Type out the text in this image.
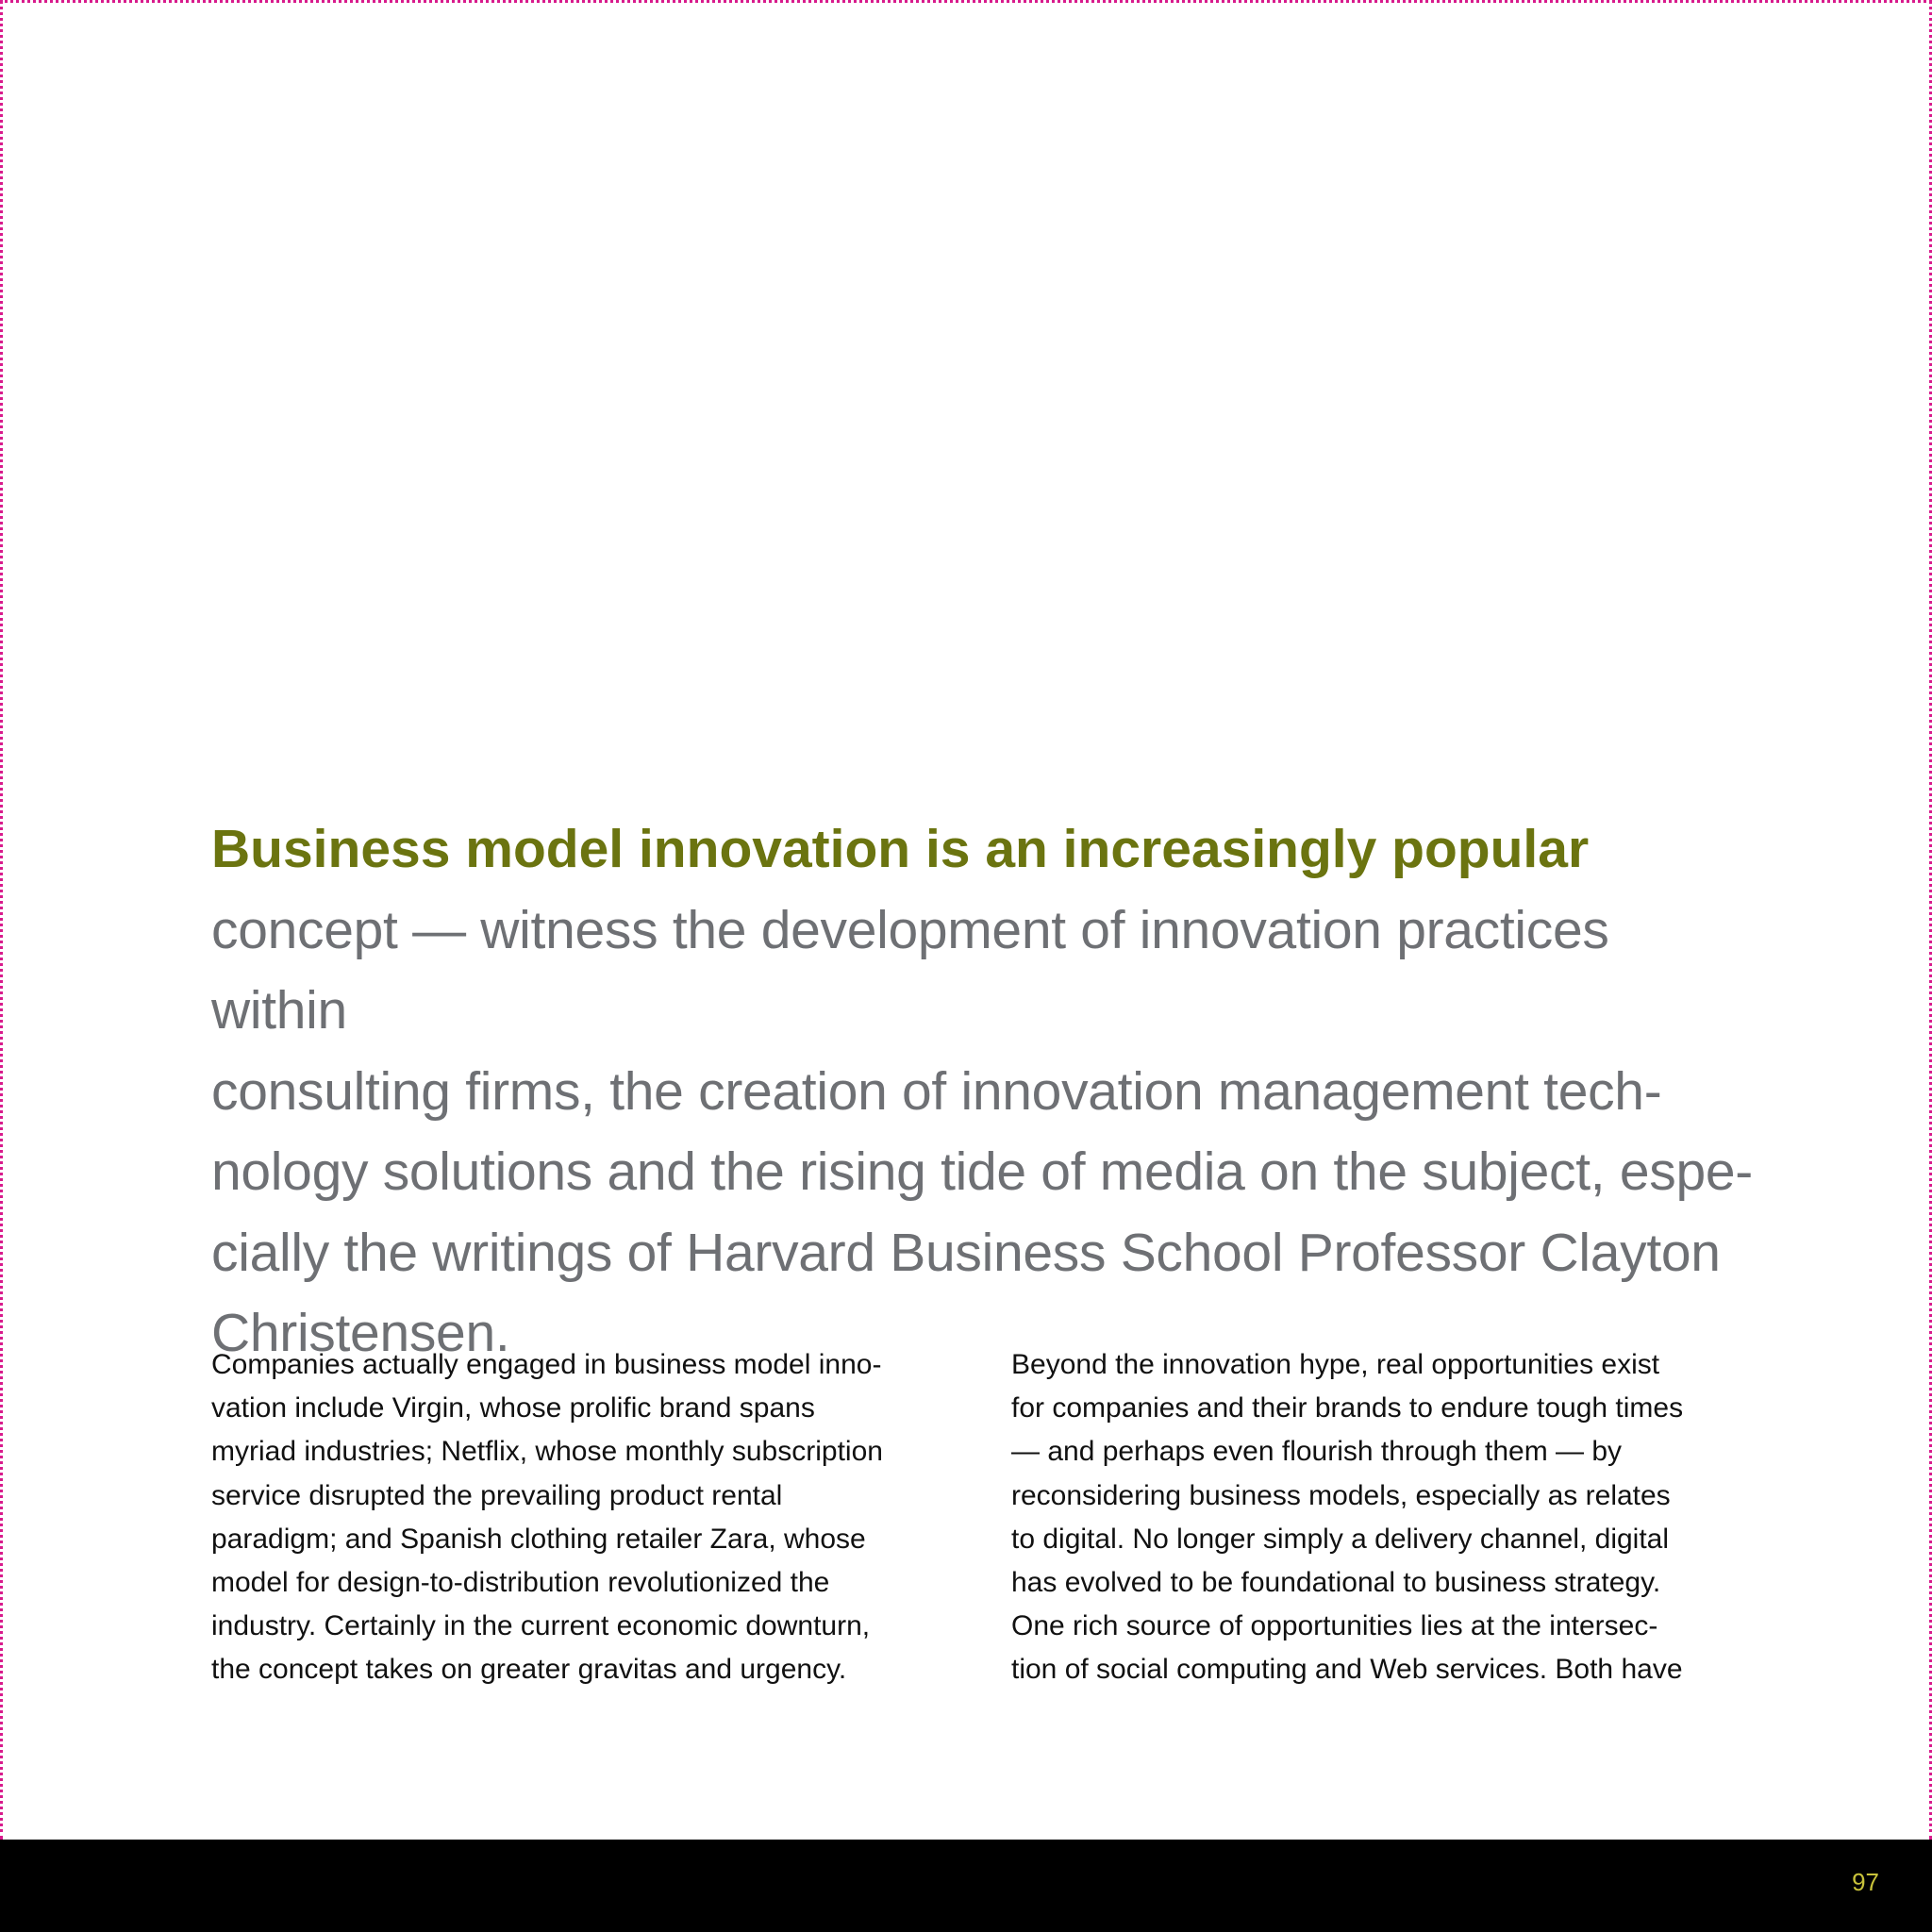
Business model innovation is an increasingly popular
concept — witness the development of innovation practices within
consulting firms, the creation of innovation management tech-
nology solutions and the rising tide of media on the subject, espe-
cially the writings of Harvard Business School Professor Clayton
Christensen.

Companies actually engaged in business model inno-
vation include Virgin, whose prolific brand spans
myriad industries; Netflix, whose monthly subscription
service disrupted the prevailing product rental
paradigm; and Spanish clothing retailer Zara, whose
model for design-to-distribution revolutionized the
industry. Certainly in the current economic downturn,
the concept takes on greater gravitas and urgency.

Beyond the innovation hype, real opportunities exist
for companies and their brands to endure tough times
— and perhaps even flourish through them — by
reconsidering business models, especially as relates
to digital. No longer simply a delivery channel, digital
has evolved to be foundational to business strategy.
One rich source of opportunities lies at the intersec-
tion of social computing and Web services. Both have

97
